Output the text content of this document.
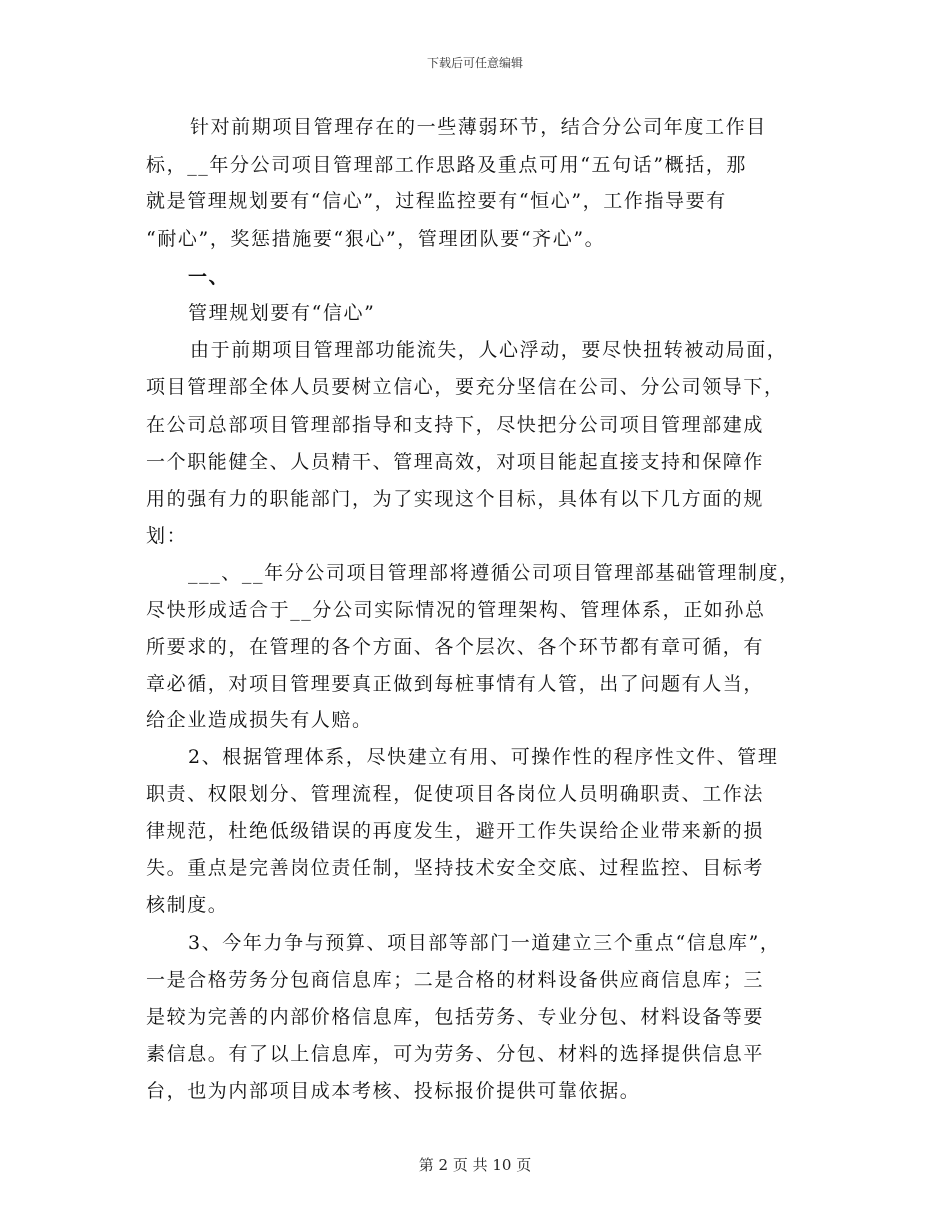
下载后可任意编辑
针对前期项目管理存在的一些薄弱环节，结合分公司年度工作目
标，__年分公司项目管理部工作思路及重点可用“五句话”概括，那
就是管理规划要有“信心”，过程监控要有“恒心”，工作指导要有
“耐心”，奖惩措施要“狠心”，管理团队要“齐心”。
一、
管理规划要有“信心”
由于前期项目管理部功能流失，人心浮动，要尽快扭转被动局面，
项目管理部全体人员要树立信心，要充分坚信在公司、分公司领导下，
在公司总部项目管理部指导和支持下，尽快把分公司项目管理部建成
一个职能健全、人员精干、管理高效，对项目能起直接支持和保障作
用的强有力的职能部门，为了实现这个目标，具体有以下几方面的规
划：
___、__年分公司项目管理部将遵循公司项目管理部基础管理制度，
尽快形成适合于__分公司实际情况的管理架构、管理体系，正如孙总
所要求的，在管理的各个方面、各个层次、各个环节都有章可循，有
章必循，对项目管理要真正做到每桩事情有人管，出了问题有人当，
给企业造成损失有人赔。
2、根据管理体系，尽快建立有用、可操作性的程序性文件、管理
职责、权限划分、管理流程，促使项目各岗位人员明确职责、工作法
律规范，杜绝低级错误的再度发生，避开工作失误给企业带来新的损
失。重点是完善岗位责任制，坚持技术安全交底、过程监控、目标考
核制度。
3、今年力争与预算、项目部等部门一道建立三个重点“信息库”，
一是合格劳务分包商信息库；二是合格的材料设备供应商信息库；三
是较为完善的内部价格信息库，包括劳务、专业分包、材料设备等要
素信息。有了以上信息库，可为劳务、分包、材料的选择提供信息平
台，也为内部项目成本考核、投标报价提供可靠依据。
第 2 页 共 10 页
